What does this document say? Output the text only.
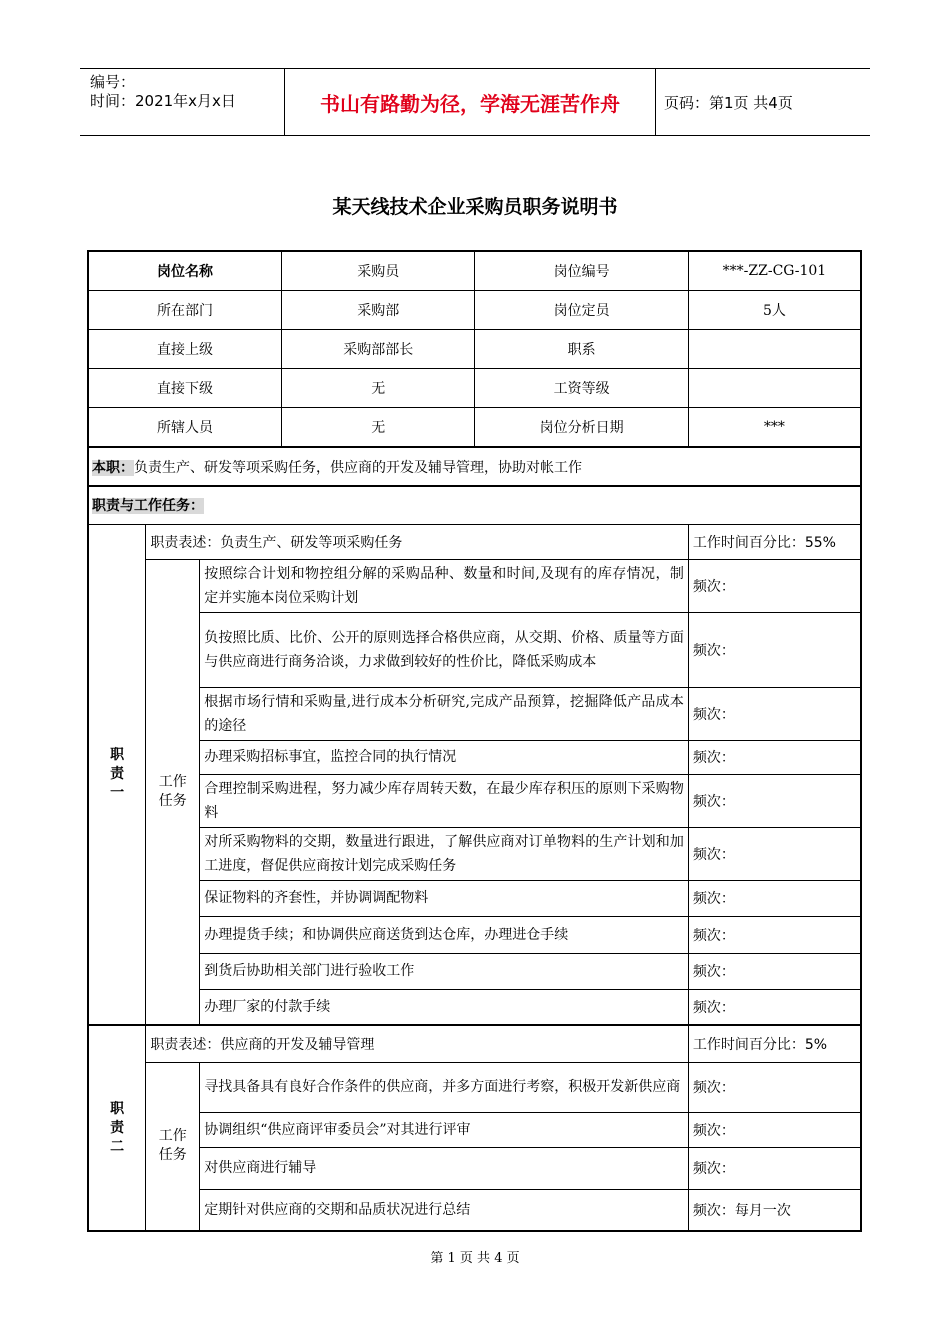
编号：
时间：2021年x月x日	书山有路勤为径，学海无涯苦作舟	页码：第1页 共4页
某天线技术企业采购员职务说明书
岗位名称			采购员	岗位编号	***-ZZ-CG-101
所在部门			采购部	岗位定员	5人
直接上级			采购部部长	职系	
直接下级			无	工资等级	
所辖人员			无	岗位分析日期	***
本职：负责生产、研发等项采购任务，供应商的开发及辅导管理，协助对帐工作					
职责与工作任务：					

职
责
一	职责表述：负责生产、研发等项采购任务				工作时间百分比：55%

	工作
任务	按照综合计划和物控组分解的采购品种、数量和时间,及现有的库存情况，制定并实施本岗位采购计划			频次：
		负按照比质、比价、公开的原则选择合格供应商，从交期、价格、质量等方面与供应商进行商务洽谈，力求做到较好的性价比，降低采购成本			频次：
		根据市场行情和采购量,进行成本分析研究,完成产品预算，挖掘降低产品成本的途径			频次：
		办理采购招标事宜，监控合同的执行情况			频次：
		合理控制采购进程，努力减少库存周转天数，在最少库存积压的原则下采购物料			频次：
		对所采购物料的交期，数量进行跟进，了解供应商对订单物料的生产计划和加工进度，督促供应商按计划完成采购任务			频次：
		保证物料的齐套性，并协调调配物料			频次：
		办理提货手续；和协调供应商送货到达仓库，办理进仓手续			频次：
		到货后协助相关部门进行验收工作			频次：
		办理厂家的付款手续			频次：

职
责
二	职责表述：供应商的开发及辅导管理				工作时间百分比：5%

	工作
任务	寻找具备具有良好合作条件的供应商，并多方面进行考察，积极开发新供应商			频次：
		协调组织“供应商评审委员会”对其进行评审			频次：
		对供应商进行辅导			频次：
		定期针对供应商的交期和品质状况进行总结			频次：每月一次
第 1 页 共 4 页
